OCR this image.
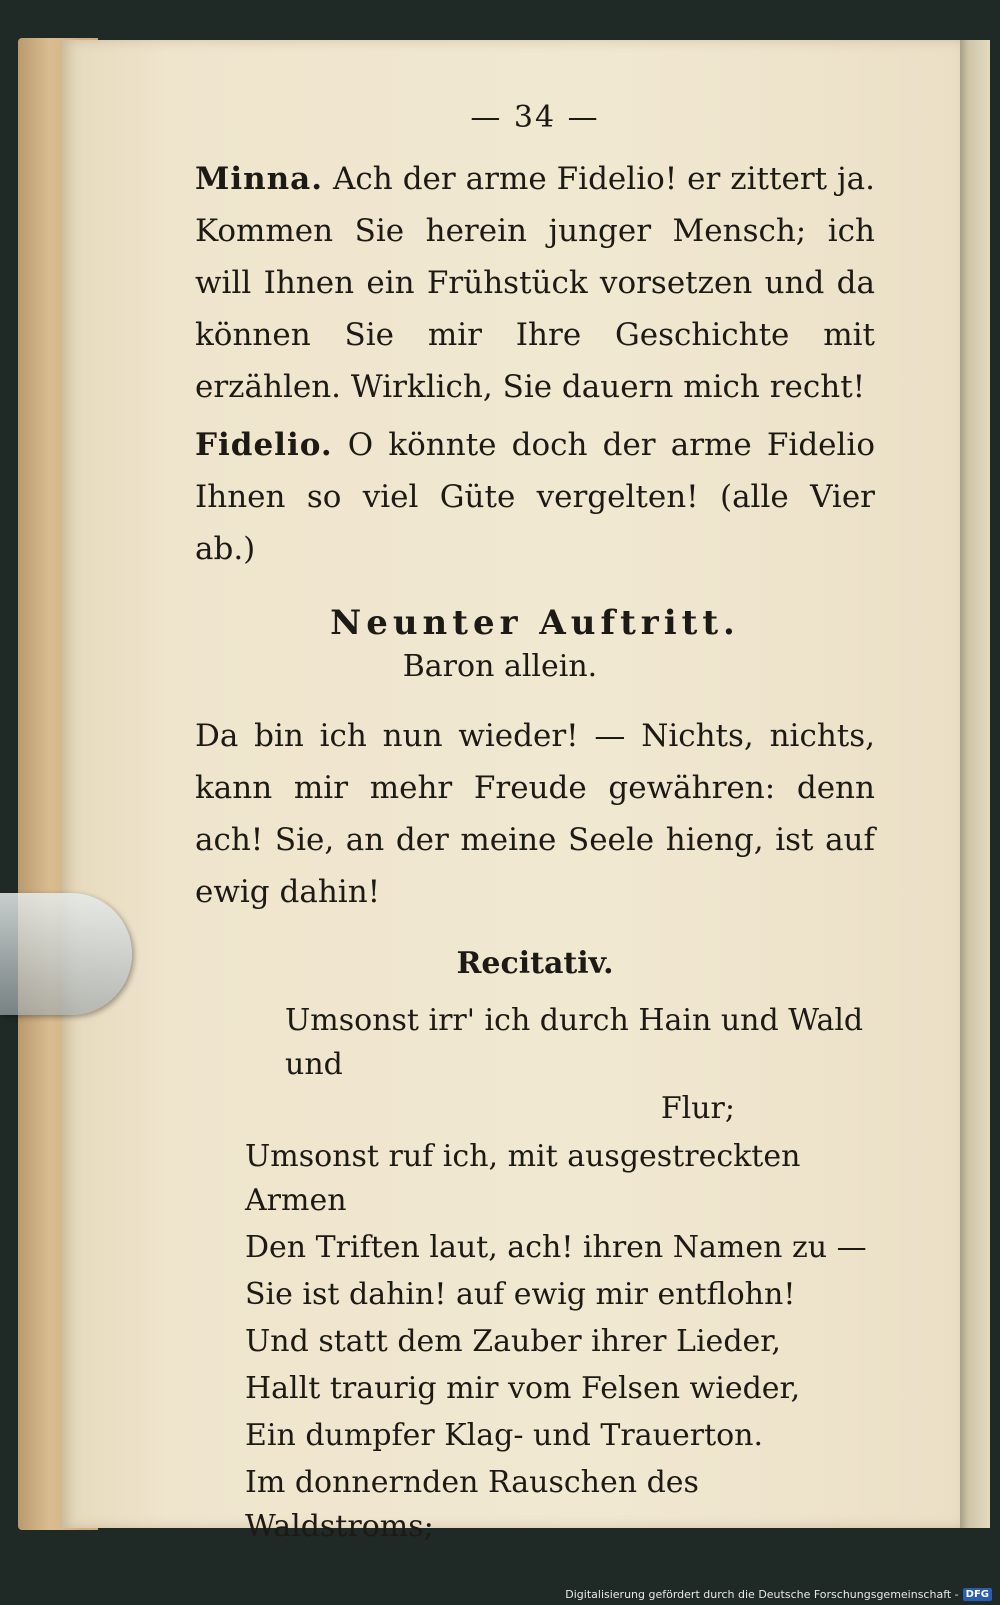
— 34 —

Minna. Ach der arme Fidelio! er zittert ja. Kommen Sie herein junger Mensch; ich will Ihnen ein Frühstück vorsetzen und da können Sie mir Ihre Geschichte mit erzählen. Wirklich, Sie dauern mich recht!

Fidelio. O könnte doch der arme Fidelio Ihnen so viel Güte vergelten! (alle Vier ab.)

Neunter Auftritt.
Baron allein.

Da bin ich nun wieder! — Nichts, nichts, kann mir mehr Freude gewähren: denn ach! Sie, an der meine Seele hieng, ist auf ewig dahin!

Recitativ.
Umsonst irr' ich durch Hain und Wald und
Flur;
Umsonst ruf ich, mit ausgestreckten Armen
Den Triften laut, ach! ihren Namen zu —
Sie ist dahin! auf ewig mir entflohn!
Und statt dem Zauber ihrer Lieder,
Hallt traurig mir vom Felsen wieder,
Ein dumpfer Klag- und Trauerton.
Im donnernden Rauschen des Waldstroms;
Digitalisierung gefördert durch die Deutsche Forschungsgemeinschaft - DFG
